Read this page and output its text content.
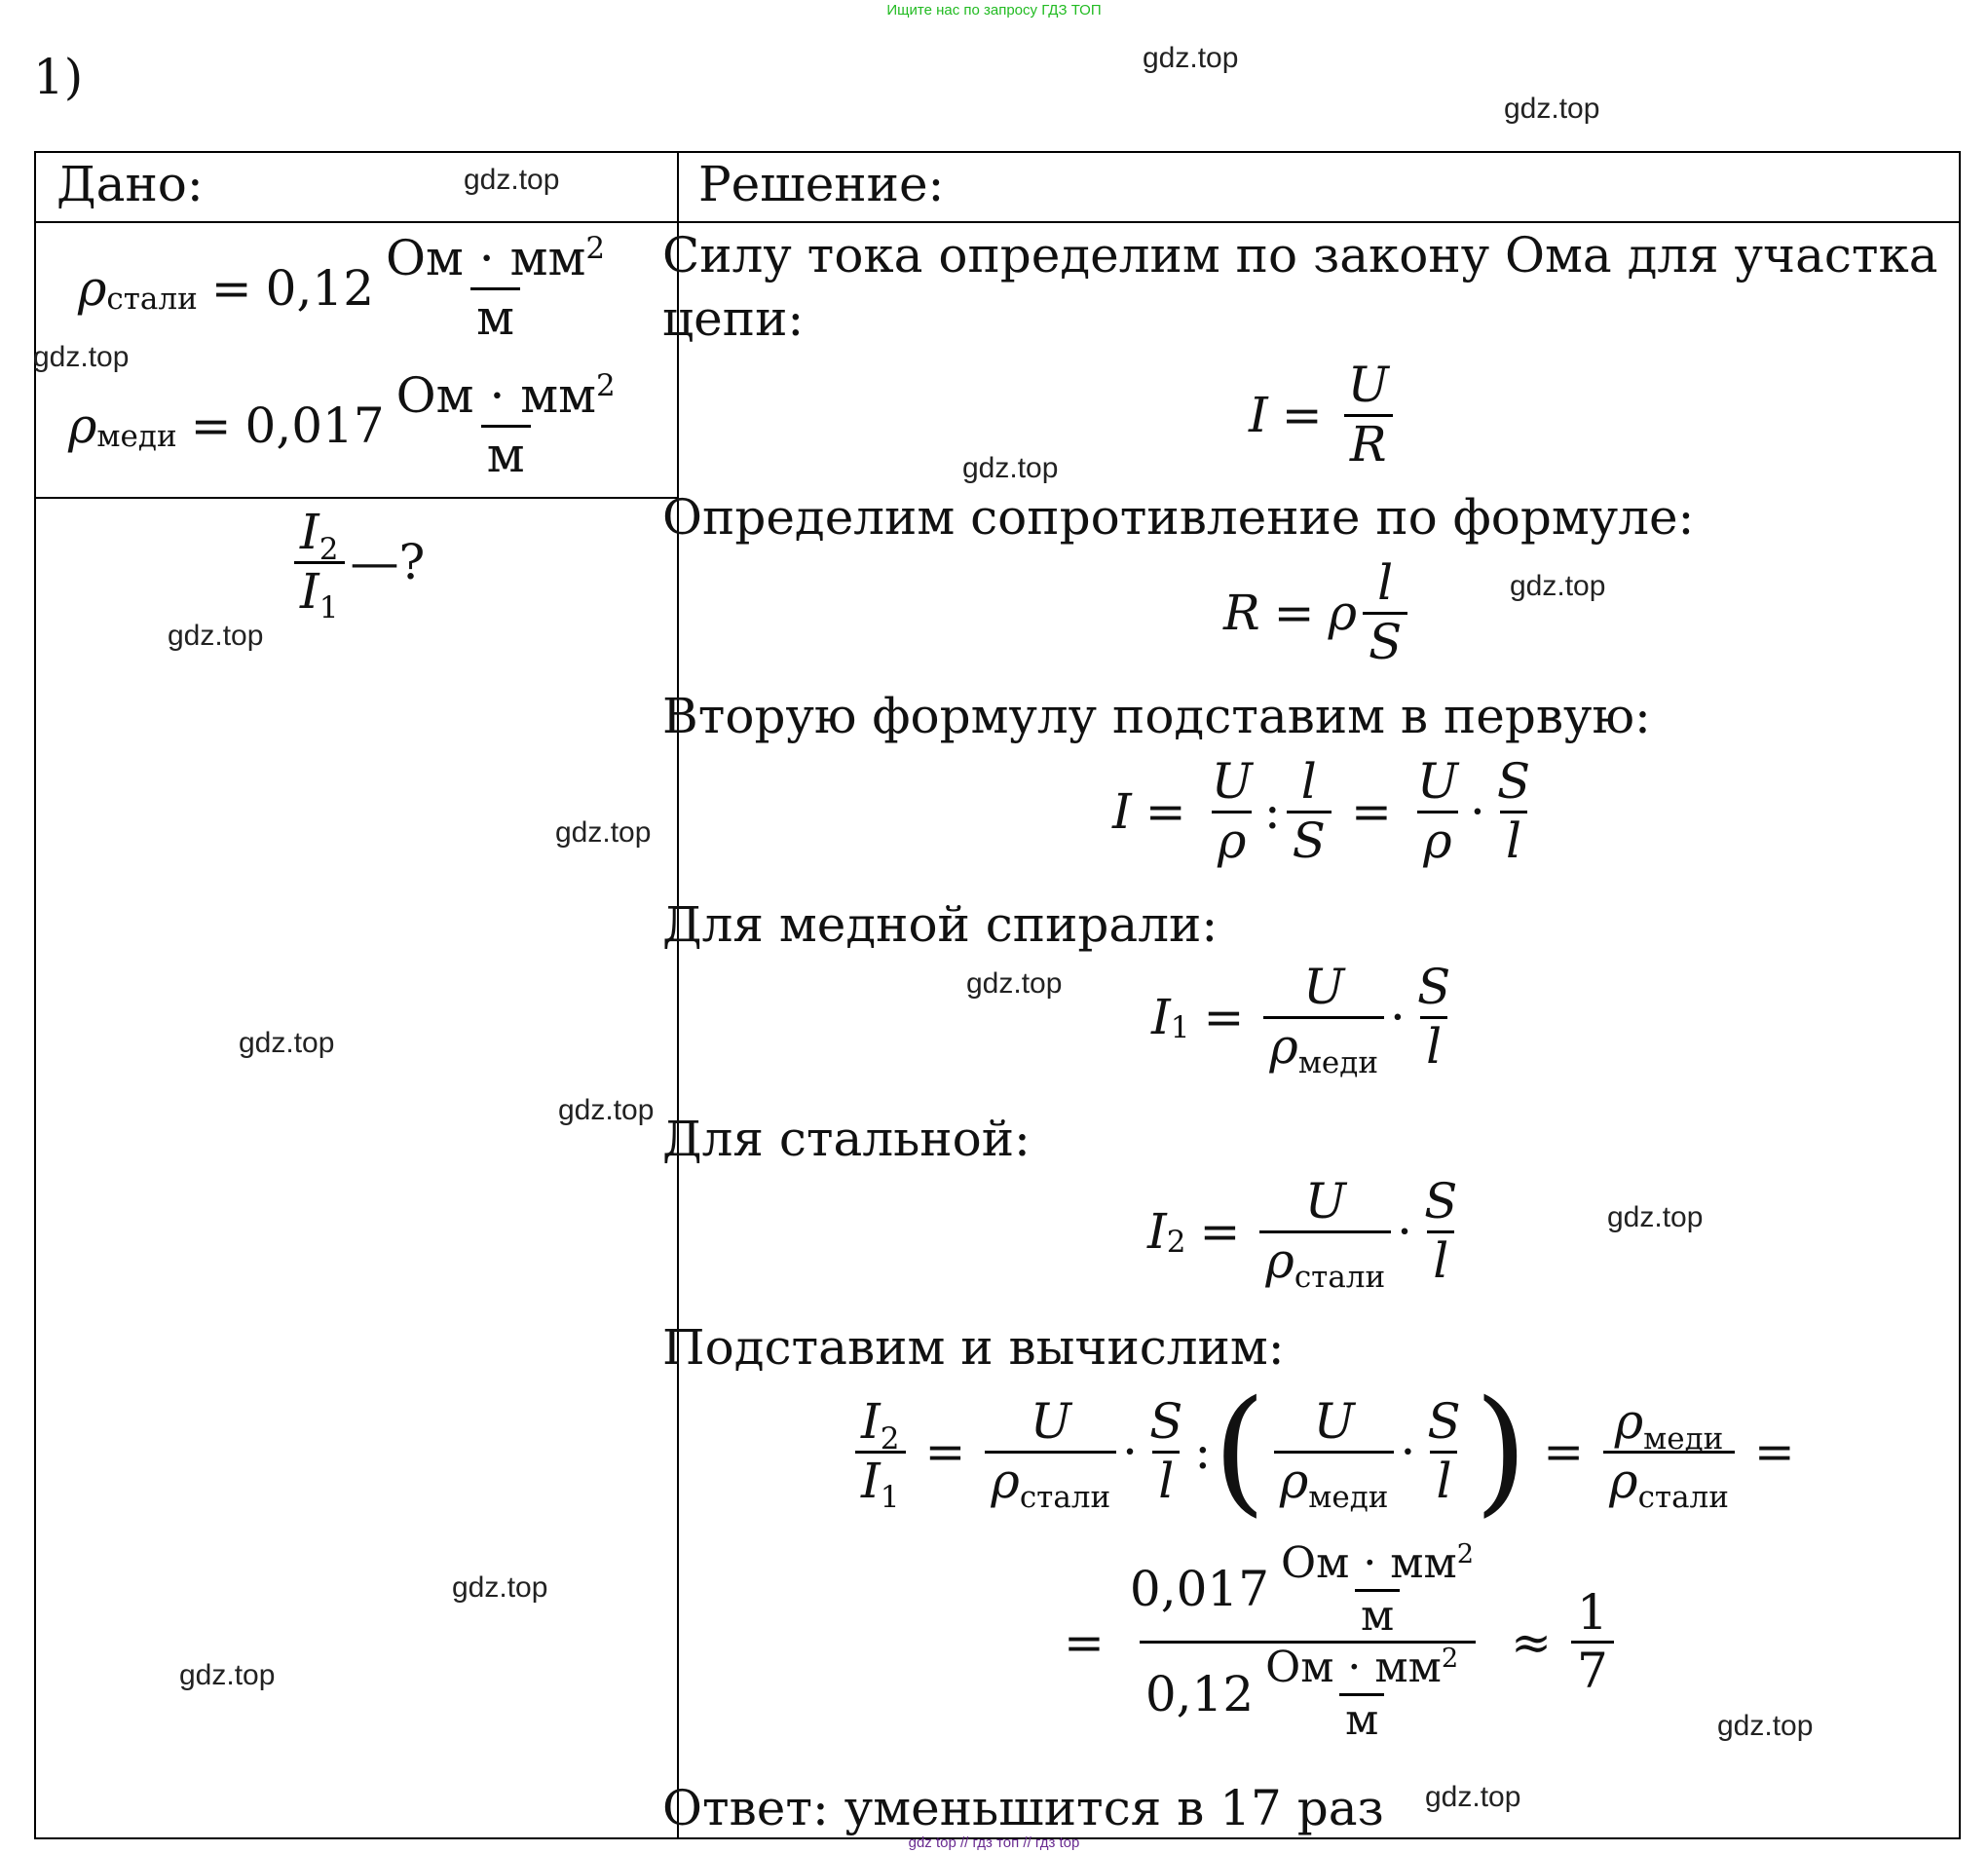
Ищите нас по запросу ГДЗ ТОП
1)	gdz.top
gdz.top
gdz.top
gdz.top
gdz.top
gdz.top
gdz.top
gdz.top
gdz.top
gdz.top
gdz.top
gdz.top
gdz.top
gdz.top
gdz.top
gdz.top
Дано:	Решение:
ρ стали = $0,12 \frac{Ом \cdot мм^2}{м}$
ρ меди = $0,017 \frac{Ом \cdot мм^2}{м}$
$\frac{I_2}{I_1}$ —?
Силу тока определим по закону Ома для участка
цепи:
$I = \frac{U}{R}$
Определим сопротивление по формуле:
R = ρ $\frac{l}{S}$
Вторую формулу подставим в первую:
$I = \frac{U}{\rho}$ : $\frac{l}{S} = \frac{U}{\rho} \cdot \frac{S}{l}$
Для медной спирали:
I $1 = \frac{U}{\rho_{меди}} \cdot \frac{S}{l}$
Для стальной:
I $2 = \frac{U}{\rho_{стали}} \cdot \frac{S}{l}$
Подставим и вычислим:
$\frac{I_2}{I_1} = \frac{U}{\rho_{стали}} \cdot \frac{S}{l}$ : ( $\frac{U}{\rho_{меди}} \cdot \frac{S}{l}$ ) = $\frac{\rho_{меди}}{\rho_{стали}}$ =
= $\frac{0,017 \frac{Ом \cdot мм^2}{м}}{0,12 \frac{Ом \cdot мм^2}{м}} \approx \frac{1}{7}$
Ответ: уменьшится в 17 раз
gdz top // гдз топ // гдз top
